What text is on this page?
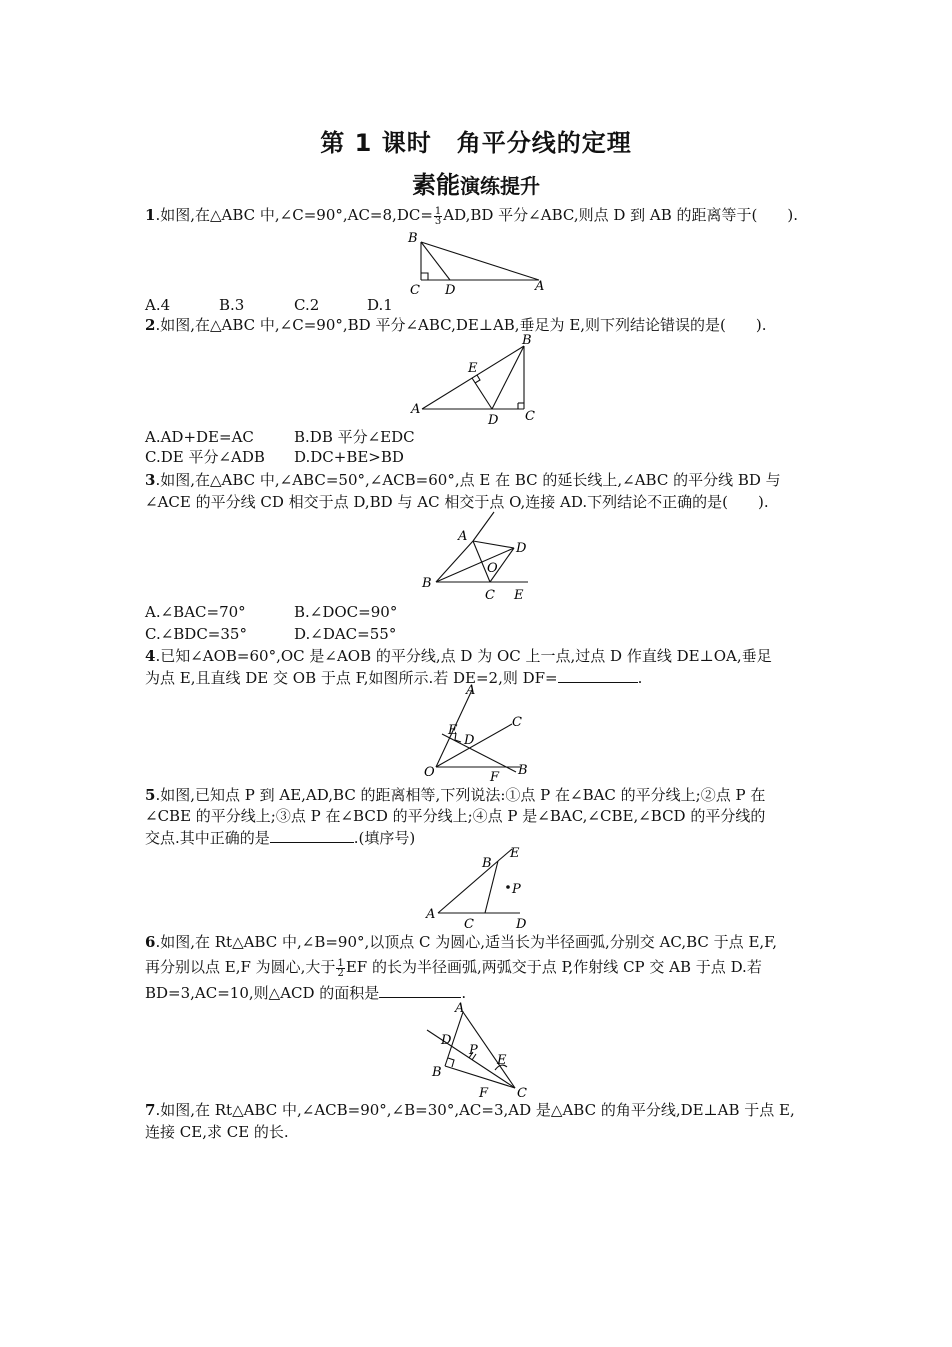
第 1 课时　角平分线的定理
素能演练提升
1.如图,在△ABC 中,∠C=90°,AC=8,DC= $\frac{1}{3} AD,BD$ 平分∠ABC,则点 D 到 AB 的距离等于(　　).
B
C D	A
A.4	B.3	C.2	D.1
2.如图,在△ABC 中,∠C=90°,BD 平分∠ABC,DE⊥AB,垂足为 E,则下列结论错误的是(　　).
B
E
A
D C
A.AD+DE=AC	B.DB 平分∠EDC
C.DE 平分∠ADB D.DC+BE>BD
3.如图,在△ABC 中,∠ABC=50°,∠ACB=60°,点 E 在 BC 的延长线上,∠ABC 的平分线 BD 与
∠ACE 的平分线 CD 相交于点 D,BD 与 AC 相交于点 O,连接 AD.下列结论不正确的是(　　).
A
D
O
B
C E
A.∠BAC=70°	B.∠DOC=90°
C.∠BDC=35°	D.∠DAC=55°
4.已知∠AOB=60°,OC 是∠AOB 的平分线,点 D 为 OC 上一点,过点 D 作直线 DE⊥OA,垂足
为点 E,且直线 DE 交 OB 于点 F,如图所示.若 DE=2,则 DF=	.
A
C
E
D
O	F B
5.如图,已知点 P 到 AE,AD,BC 的距离相等,下列说法:①点 P 在∠BAC 的平分线上;②点 P 在
∠CBE 的平分线上;③点 P 在∠BCD 的平分线上;④点 P 是∠BAC,∠CBE,∠BCD 的平分线的
交点.其中正确的是	.(填序号)
B
E
P
A
C	D
6.如图,在 Rt△ABC 中,∠B=90°,以顶点 C 为圆心,适当长为半径画弧,分别交 AC,BC 于点 E,F,
再分别以点 E,F 为圆心,大于 $\frac{1}{2}$ EF 的长为半径画弧,两弧交于点 P,作射线 CP 交 AB 于点 D.若
BD=3,AC=10,则△ACD 的面积是	.
A
D
P
E
B
F C
7.如图,在 Rt△ABC 中,∠ACB=90°,∠B=30°,AC=3,AD 是△ABC 的角平分线,DE⊥AB 于点 E,
连接 CE,求 CE 的长.
